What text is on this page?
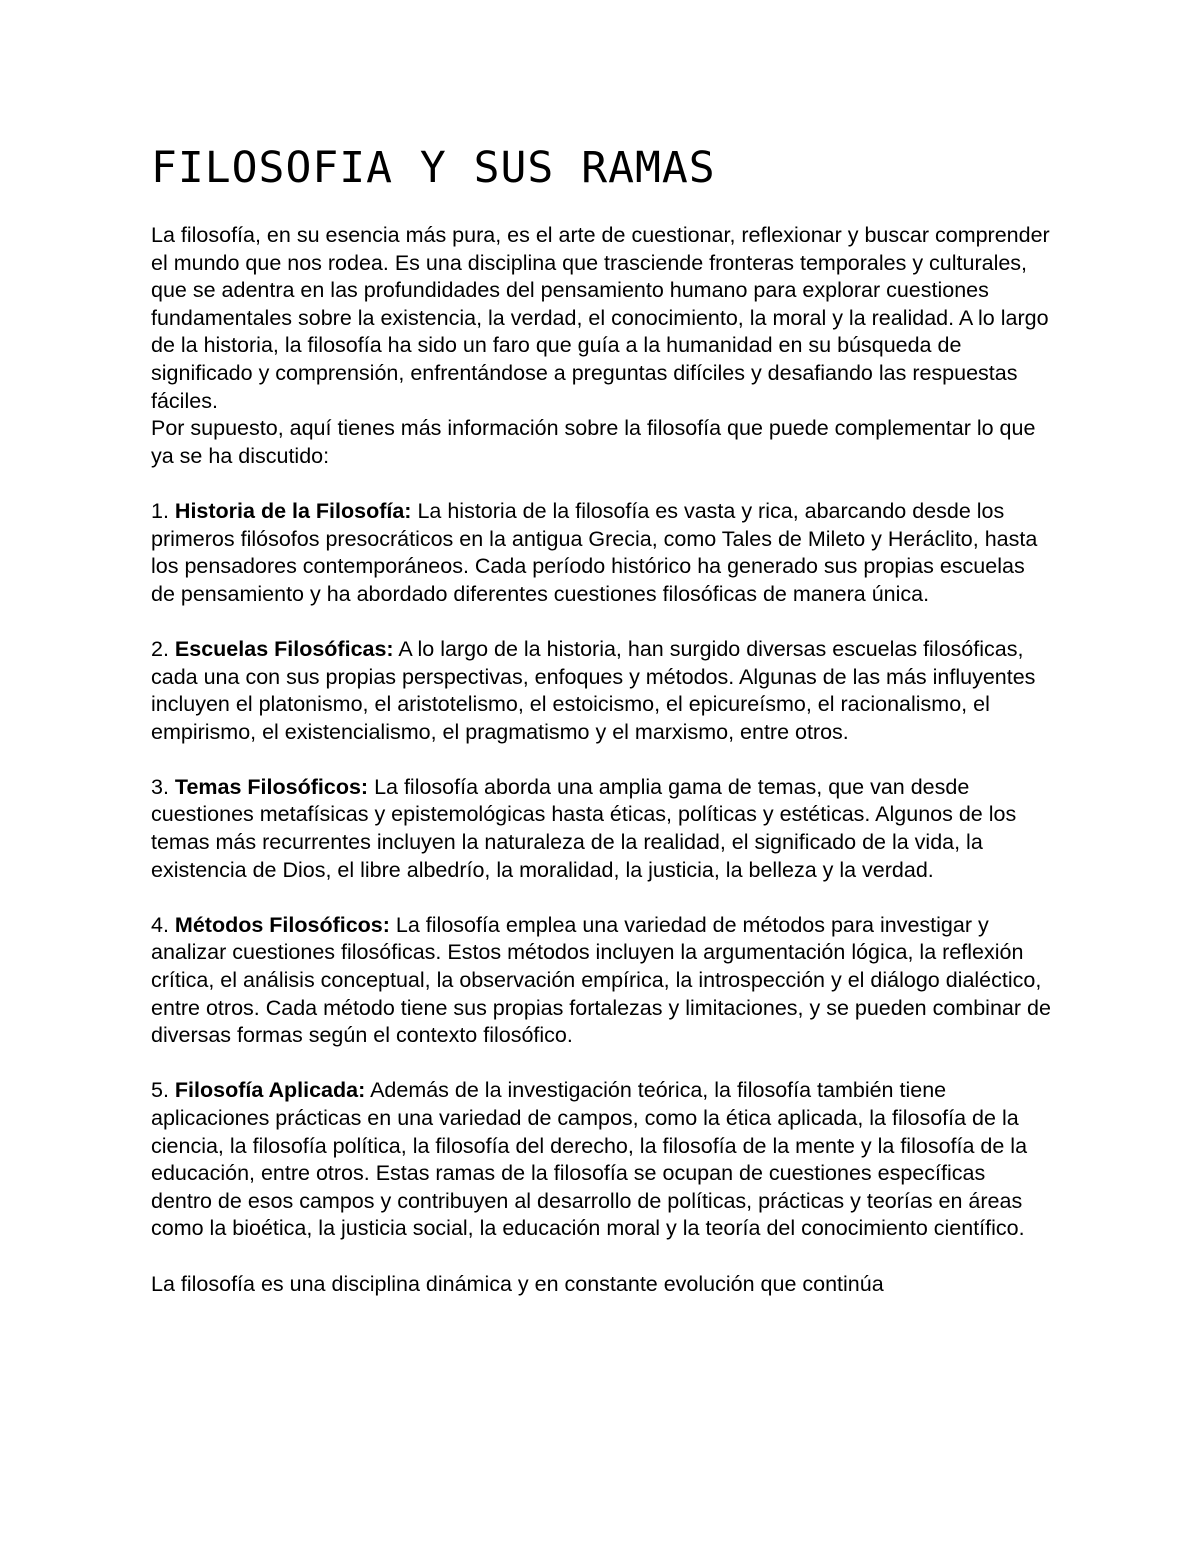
FILOSOFIA Y SUS RAMAS

La filosofía, en su esencia más pura, es el arte de cuestionar, reflexionar y buscar comprender el mundo que nos rodea. Es una disciplina que trasciende fronteras temporales y culturales, que se adentra en las profundidades del pensamiento humano para explorar cuestiones fundamentales sobre la existencia, la verdad, el conocimiento, la moral y la realidad. A lo largo de la historia, la filosofía ha sido un faro que guía a la humanidad en su búsqueda de significado y comprensión, enfrentándose a preguntas difíciles y desafiando las respuestas fáciles.

Por supuesto, aquí tienes más información sobre la filosofía que puede complementar lo que ya se ha discutido:

1. Historia de la Filosofía: La historia de la filosofía es vasta y rica, abarcando desde los primeros filósofos presocráticos en la antigua Grecia, como Tales de Mileto y Heráclito, hasta los pensadores contemporáneos. Cada período histórico ha generado sus propias escuelas de pensamiento y ha abordado diferentes cuestiones filosóficas de manera única.

2. Escuelas Filosóficas: A lo largo de la historia, han surgido diversas escuelas filosóficas, cada una con sus propias perspectivas, enfoques y métodos. Algunas de las más influyentes incluyen el platonismo, el aristotelismo, el estoicismo, el epicureísmo, el racionalismo, el empirismo, el existencialismo, el pragmatismo y el marxismo, entre otros.

3. Temas Filosóficos: La filosofía aborda una amplia gama de temas, que van desde cuestiones metafísicas y epistemológicas hasta éticas, políticas y estéticas. Algunos de los temas más recurrentes incluyen la naturaleza de la realidad, el significado de la vida, la existencia de Dios, el libre albedrío, la moralidad, la justicia, la belleza y la verdad.

4. Métodos Filosóficos: La filosofía emplea una variedad de métodos para investigar y analizar cuestiones filosóficas. Estos métodos incluyen la argumentación lógica, la reflexión crítica, el análisis conceptual, la observación empírica, la introspección y el diálogo dialéctico, entre otros. Cada método tiene sus propias fortalezas y limitaciones, y se pueden combinar de diversas formas según el contexto filosófico.

5. Filosofía Aplicada: Además de la investigación teórica, la filosofía también tiene aplicaciones prácticas en una variedad de campos, como la ética aplicada, la filosofía de la ciencia, la filosofía política, la filosofía del derecho, la filosofía de la mente y la filosofía de la educación, entre otros. Estas ramas de la filosofía se ocupan de cuestiones específicas dentro de esos campos y contribuyen al desarrollo de políticas, prácticas y teorías en áreas como la bioética, la justicia social, la educación moral y la teoría del conocimiento científico.

La filosofía es una disciplina dinámica y en constante evolución que continúa
